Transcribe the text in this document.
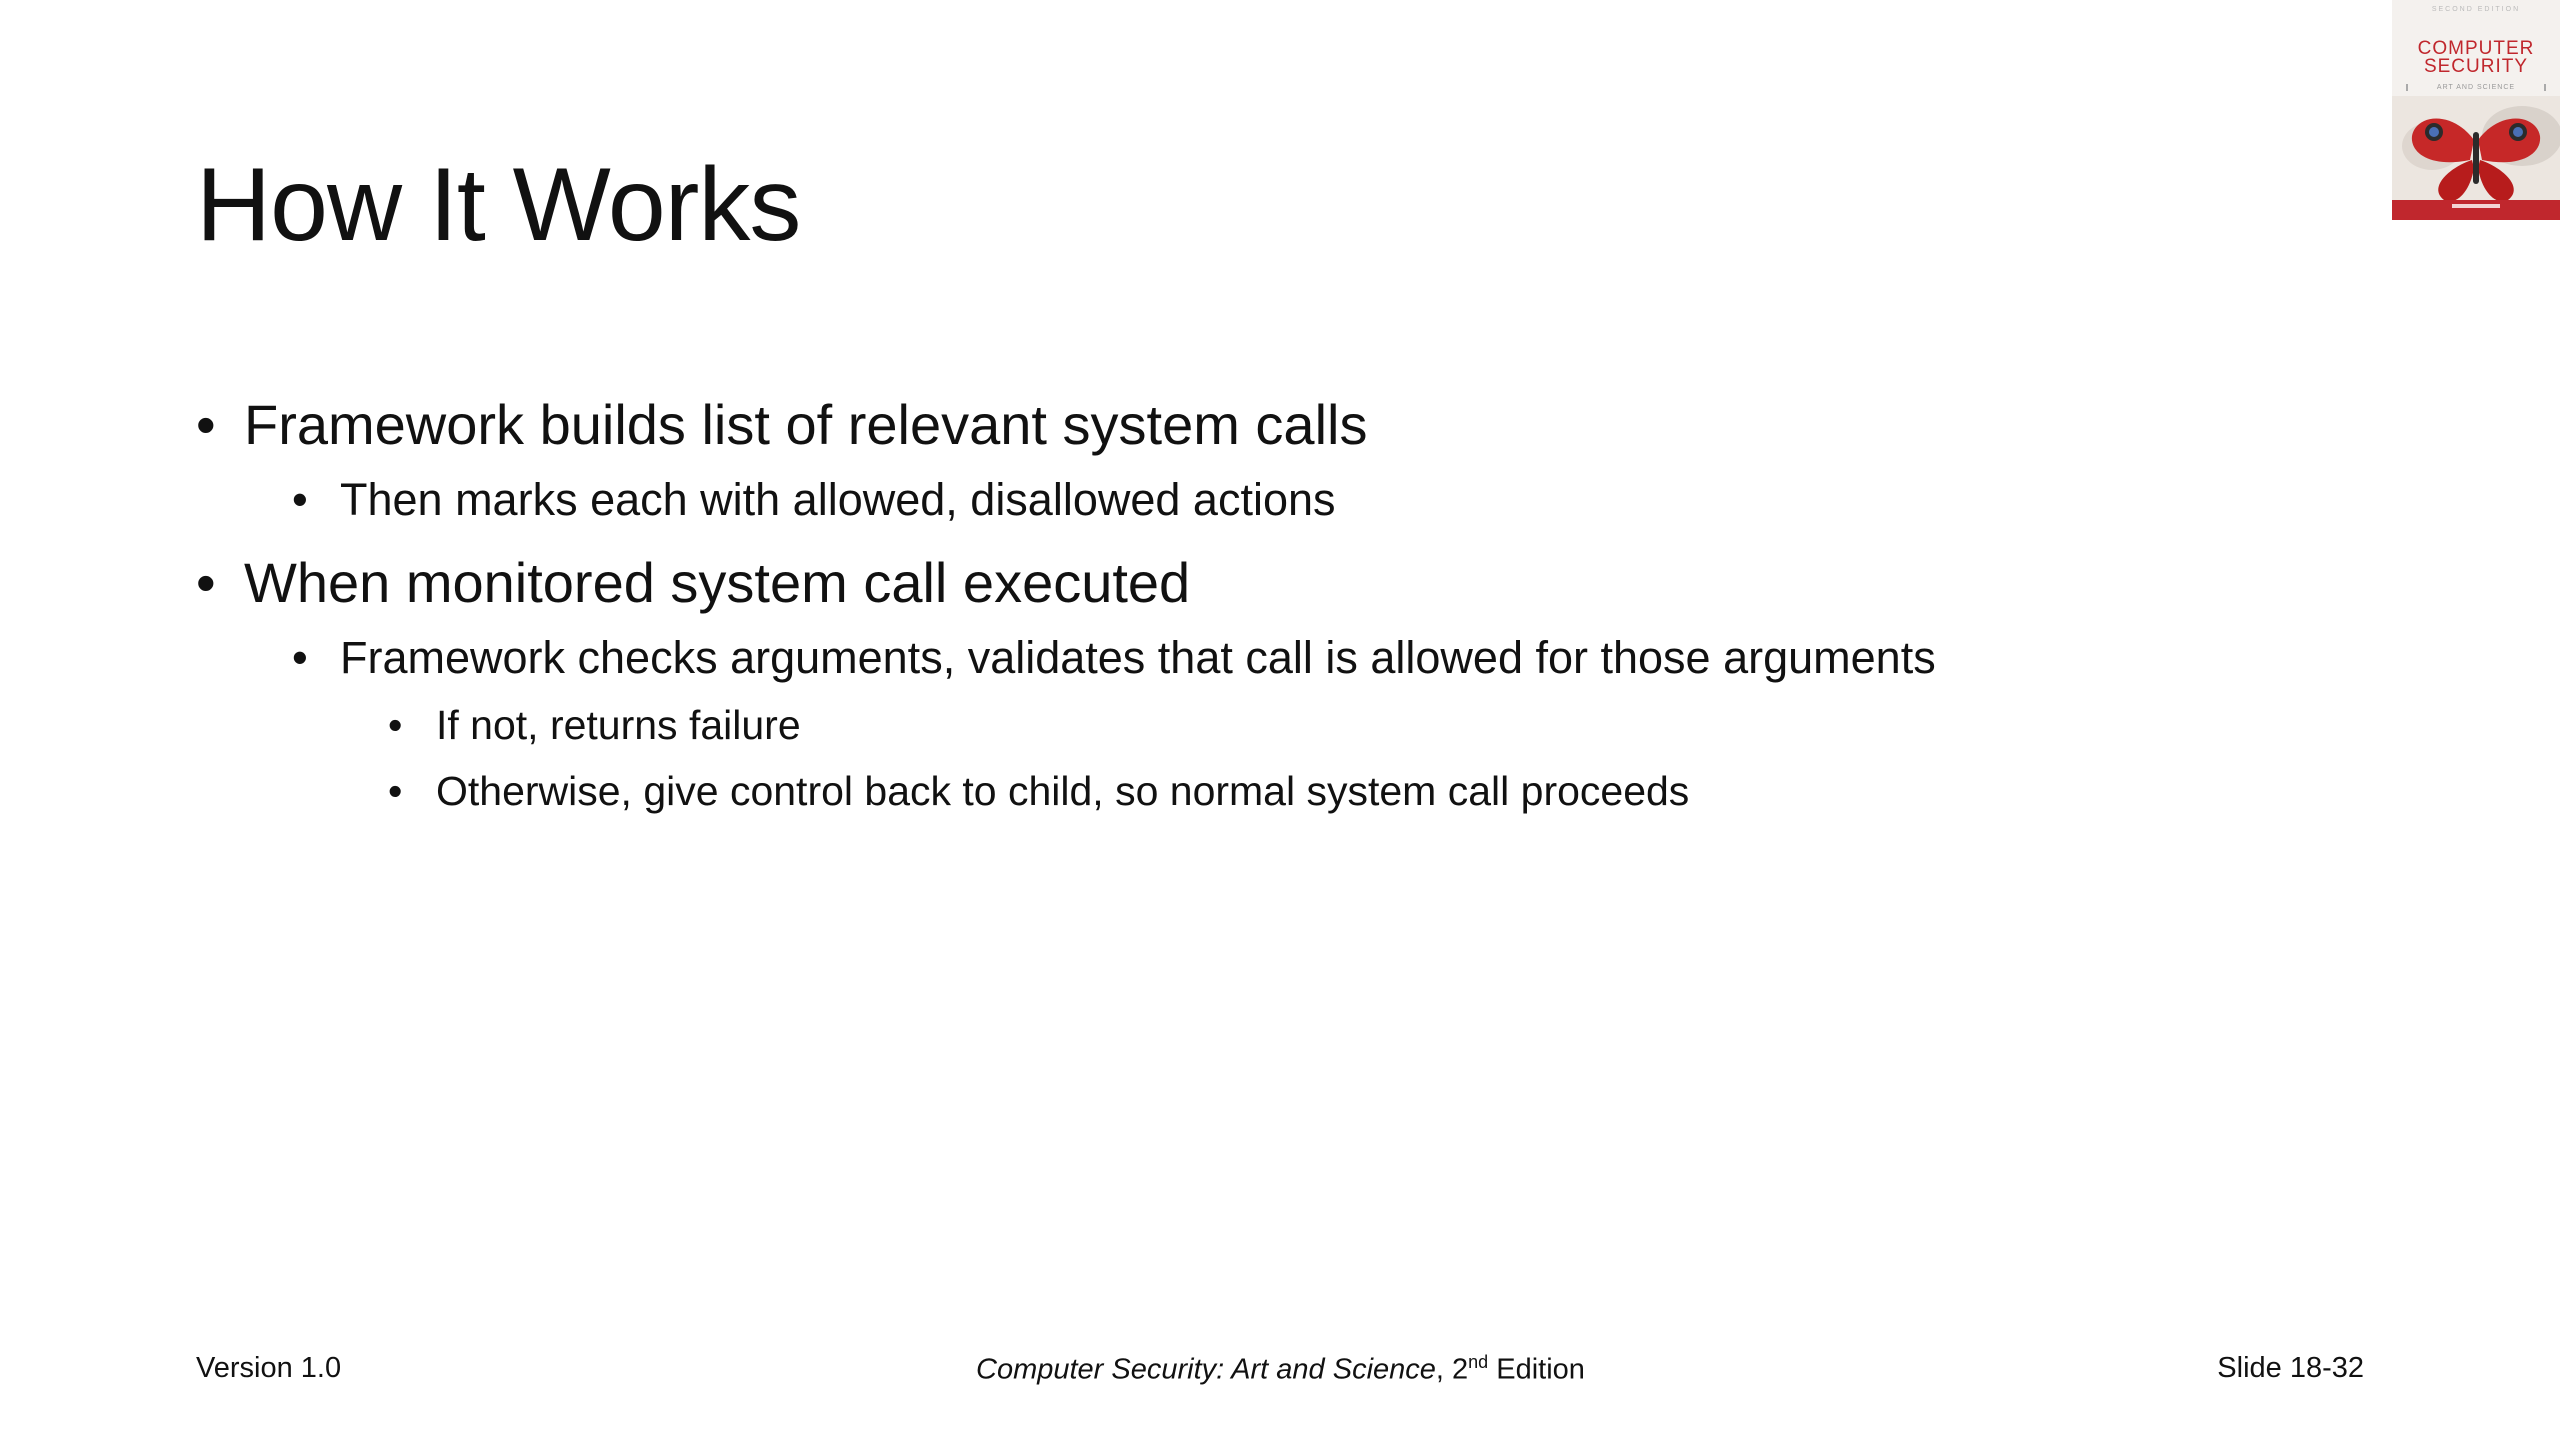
SECOND EDITION
COMPUTER
SECURITY
ART AND SCIENCE
How It Works
• Framework builds list of relevant system calls
• Then marks each with allowed, disallowed actions
• When monitored system call executed
• Framework checks arguments, validates that call is allowed for those arguments
• If not, returns failure
• Otherwise, give control back to child, so normal system call proceeds
Version 1.0	Computer Security: Art and Science, 2nd Edition	Slide 18-32
